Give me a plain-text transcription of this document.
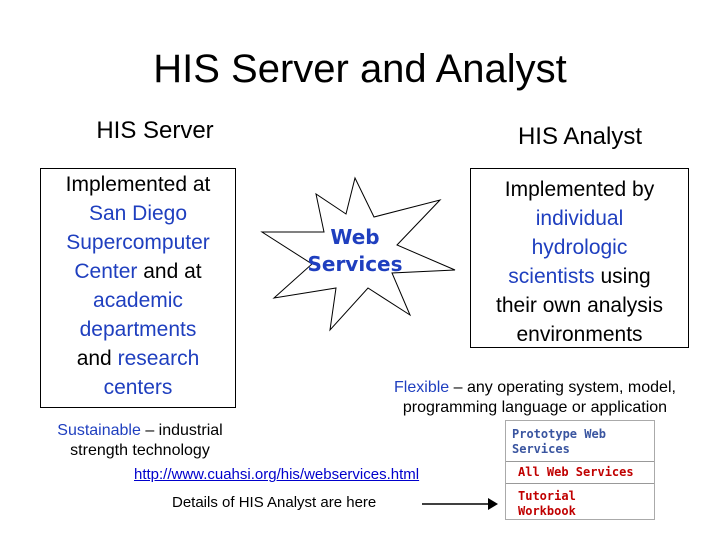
HIS Server and Analyst
HIS Server	HIS Analyst
Implemented at
San Diego
Supercomputer
Center and at
academic
departments
and research
centers
Implemented by
individual
hydrologic
scientists using
their own analysis
environments
Web
Services
Flexible – any operating system, model,
programming language or application
Sustainable – industrial
strength technology
http://www.cuahsi.org/his/webservices.html
Details of HIS Analyst are here
Prototype Web
Services
All Web Services
Tutorial
Workbook
